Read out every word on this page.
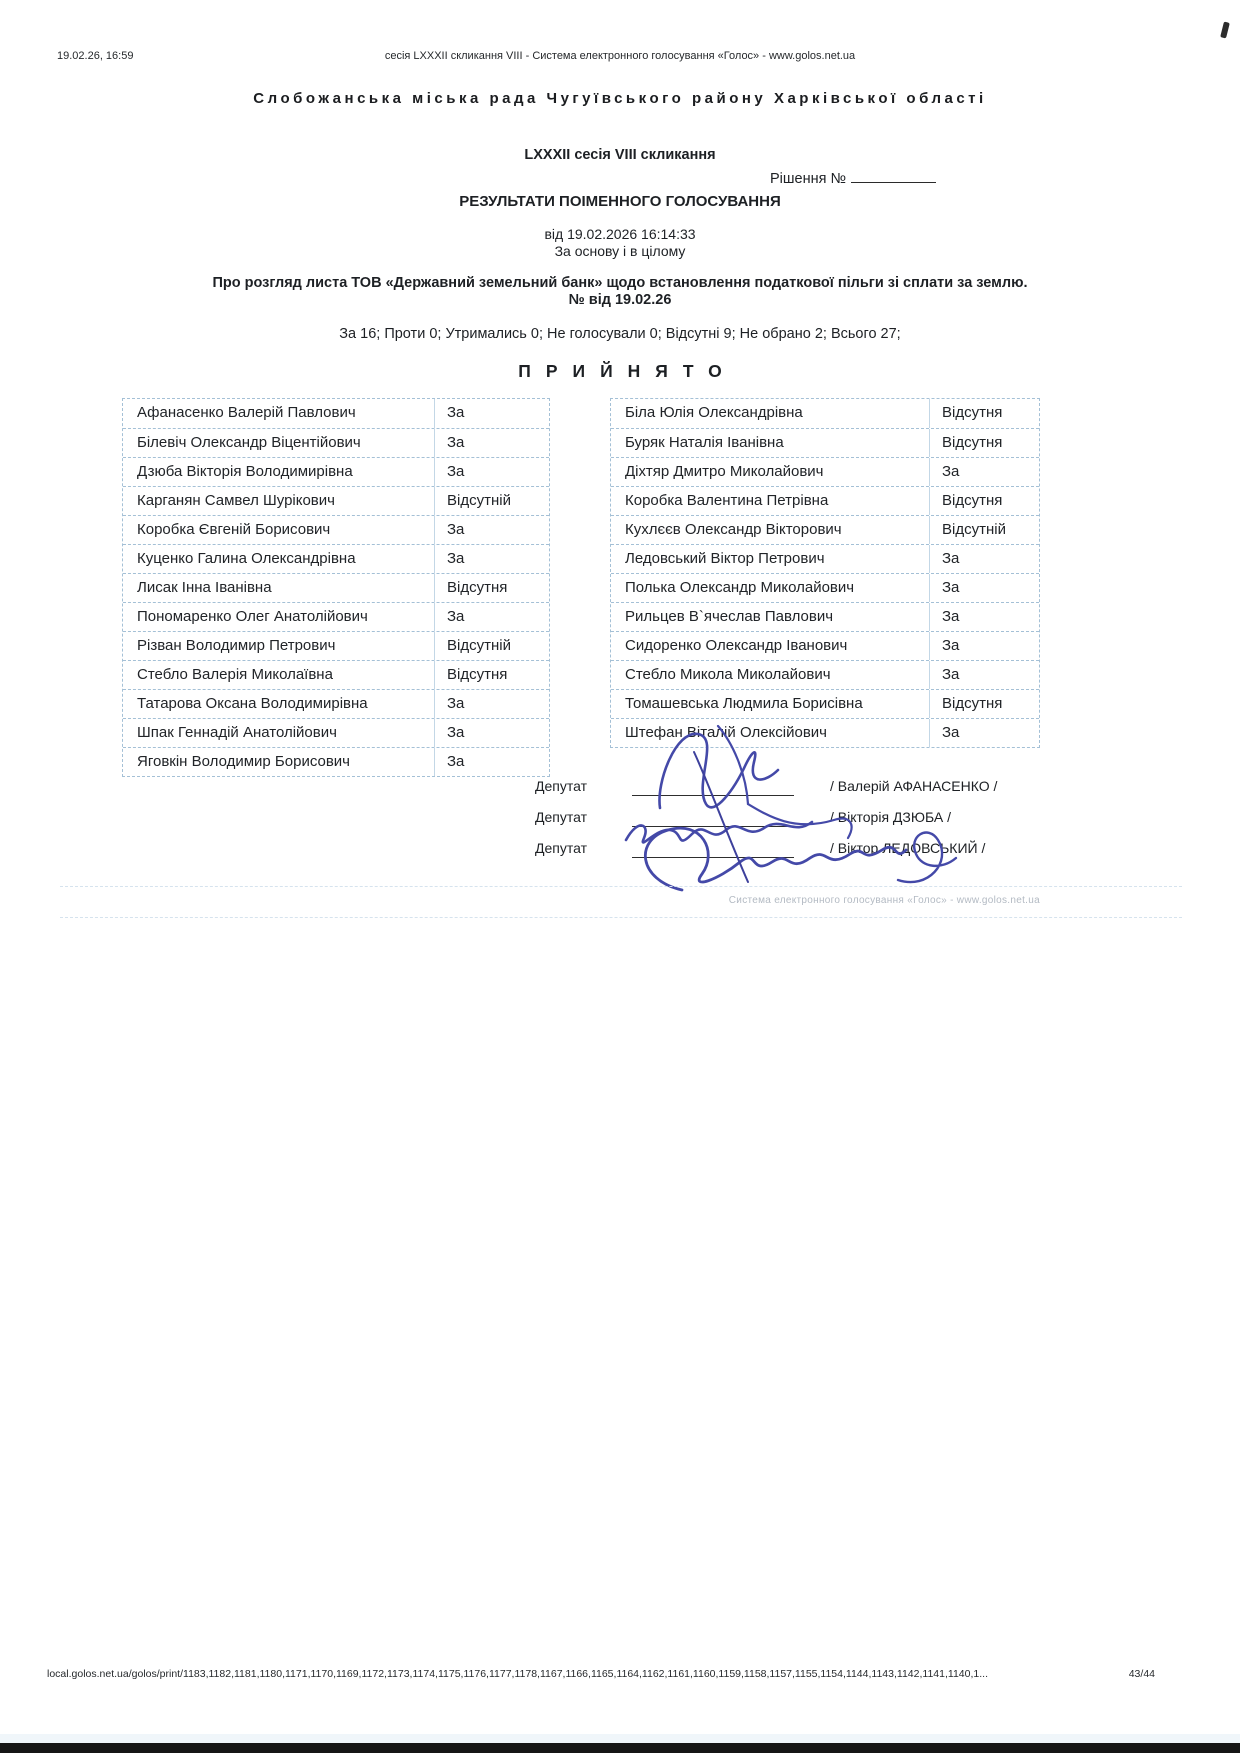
19.02.26, 16:59	сесія LXXXII скликання VIII - Система електронного голосування «Голос» - www.golos.net.ua
Слобожанська міська рада Чугуївського району Харківської області
LXXXII сесія VIII скликання
Рішення №
РЕЗУЛЬТАТИ ПОІМЕННОГО ГОЛОСУВАННЯ
від 19.02.2026 16:14:33
За основу і в цілому
Про розгляд листа ТОВ «Державний земельний банк» щодо встановлення податкової пільги зі сплати за землю.
№ від 19.02.26
За 16; Проти 0; Утримались 0; Не голосували 0; Відсутні 9; Не обрано 2; Всього 27;
ПРИЙНЯТО
Афанасенко Валерій Павлович	За
Білевіч Олександр Віцентійович	За
Дзюба Вікторія Володимирівна	За
Карганян Самвел Шурікович	Відсутній
Коробка Євгеній Борисович	За
Куценко Галина Олександрівна	За
Лисак Інна Іванівна	Відсутня
Пономаренко Олег Анатолійович	За
Різван Володимир Петрович	Відсутній
Стебло Валерія Миколаївна	Відсутня
Татарова Оксана Володимирівна	За
Шпак Геннадій Анатолійович	За
Яговкін Володимир Борисович	За
Біла Юлія Олександрівна	Відсутня
Буряк Наталія Іванівна	Відсутня
Діхтяр Дмитро Миколайович	За
Коробка Валентина Петрівна	Відсутня
Кухлєєв Олександр Вікторович	Відсутній
Ледовський Віктор Петрович	За
Полька Олександр Миколайович	За
Рильцев В`ячеслав Павлович	За
Сидоренко Олександр Іванович	За
Стебло Микола Миколайович	За
Томашевська Людмила Борисівна	Відсутня
Штефан Віталій Олексійович	За
Депутат	/ Валерій АФАНАСЕНКО /
Депутат	/ Вікторія ДЗЮБА /
Депутат	/ Віктор ЛЕДОВСЬКИЙ /
Система електронного голосування «Голос» - www.golos.net.ua
local.golos.net.ua/golos/print/1183,1182,1181,1180,1171,1170,1169,1172,1173,1174,1175,1176,1177,1178,1167,1166,1165,1164,1162,1161,1160,1159,1158,1157,1155,1154,1144,1143,1142,1141,1140,1...	43/44
